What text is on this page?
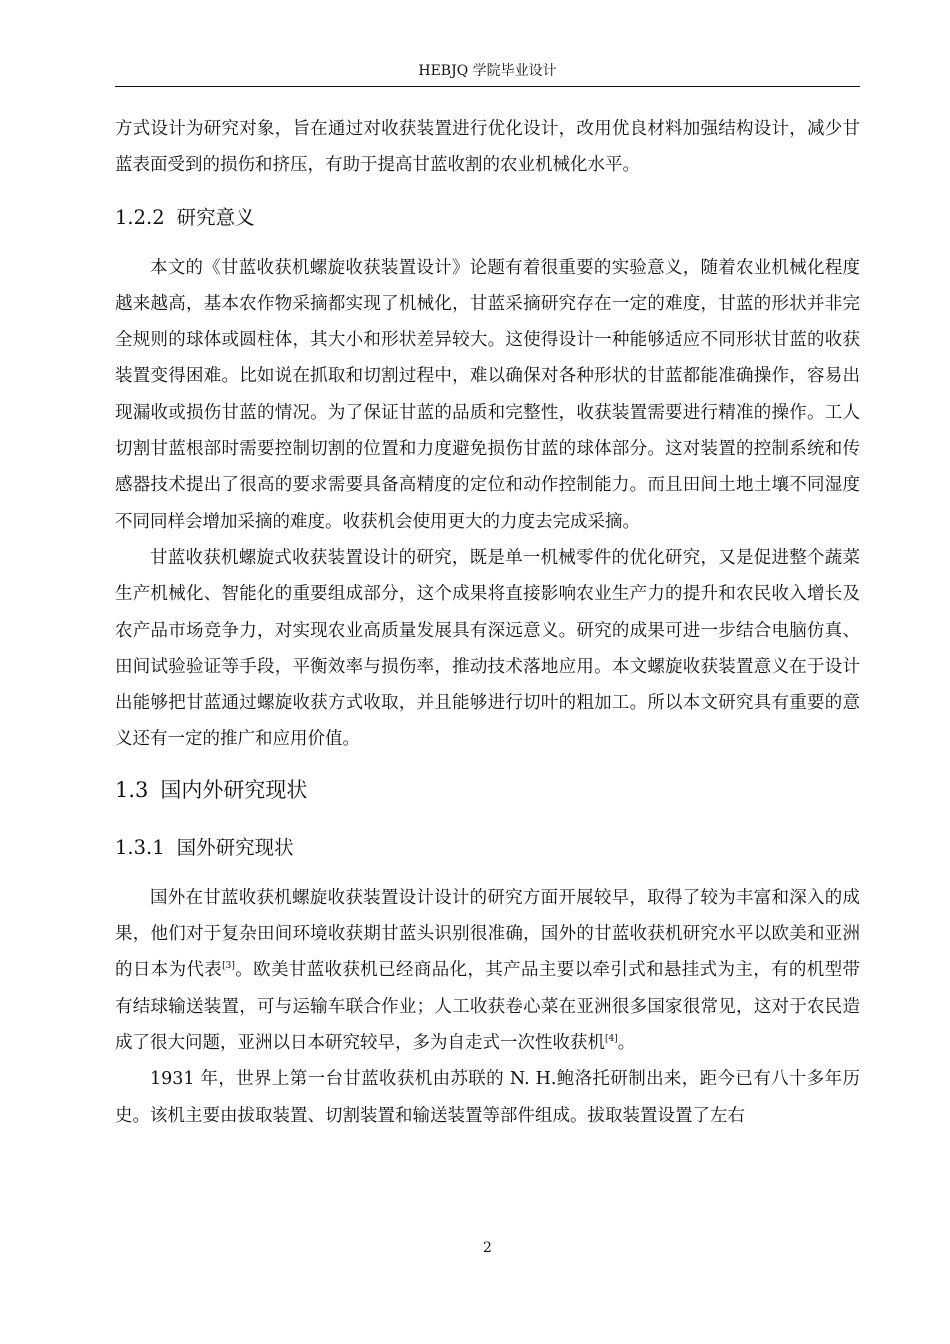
HEBJQ 学院毕业设计

方式设计为研究对象，旨在通过对收获装置进行优化设计，改用优良材料加强结构设计，减少甘蓝表面受到的损伤和挤压，有助于提高甘蓝收割的农业机械化水平。

1.2.2 研究意义

本文的《甘蓝收获机螺旋收获装置设计》论题有着很重要的实验意义，随着农业机械化程度越来越高，基本农作物采摘都实现了机械化，甘蓝采摘研究存在一定的难度，甘蓝的形状并非完全规则的球体或圆柱体，其大小和形状差异较大。这使得设计一种能够适应不同形状甘蓝的收获装置变得困难。比如说在抓取和切割过程中，难以确保对各种形状的甘蓝都能准确操作，容易出现漏收或损伤甘蓝的情况。为了保证甘蓝的品质和完整性，收获装置需要进行精准的操作。工人切割甘蓝根部时需要控制切割的位置和力度避免损伤甘蓝的球体部分。这对装置的控制系统和传感器技术提出了很高的要求需要具备高精度的定位和动作控制能力。而且田间土地土壤不同湿度不同同样会增加采摘的难度。收获机会使用更大的力度去完成采摘。

甘蓝收获机螺旋式收获装置设计的研究，既是单一机械零件的优化研究，又是促进整个蔬菜生产机械化、智能化的重要组成部分，这个成果将直接影响农业生产力的提升和农民收入增长及农产品市场竞争力，对实现农业高质量发展具有深远意义。研究的成果可进一步结合电脑仿真、田间试验验证等手段，平衡效率与损伤率，推动技术落地应用。本文螺旋收获装置意义在于设计出能够把甘蓝通过螺旋收获方式收取，并且能够进行切叶的粗加工。所以本文研究具有重要的意义还有一定的推广和应用价值。

1.3 国内外研究现状
1.3.1 国外研究现状

国外在甘蓝收获机螺旋收获装置设计设计的研究方面开展较早，取得了较为丰富和深入的成果，他们对于复杂田间环境收获期甘蓝头识别很准确，国外的甘蓝收获机研究水平以欧美和亚洲的日本为代表[3]。欧美甘蓝收获机已经商品化，其产品主要以牵引式和悬挂式为主，有的机型带有结球输送装置，可与运输车联合作业；人工收获卷心菜在亚洲很多国家很常见，这对于农民造成了很大问题，亚洲以日本研究较早，多为自走式一次性收获机[4]。

1931 年，世界上第一台甘蓝收获机由苏联的 N. H.鲍洛托研制出来，距今已有八十多年历史。该机主要由拔取装置、切割装置和输送装置等部件组成。拔取装置设置了左右

2
